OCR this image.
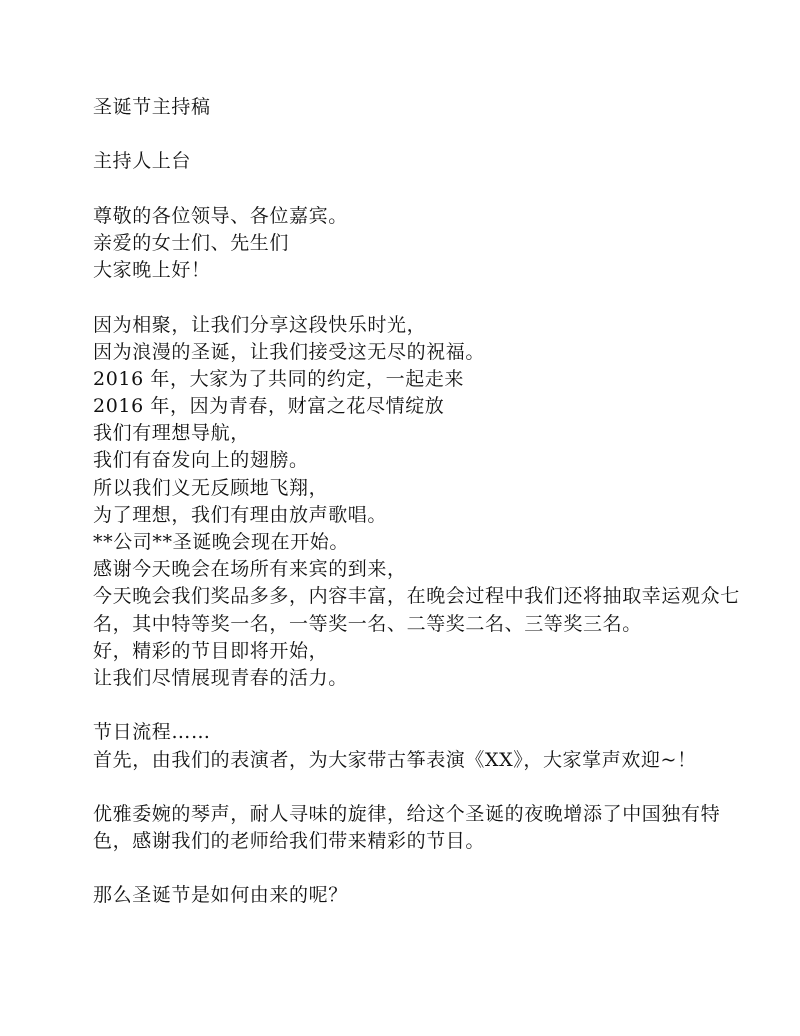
圣诞节主持稿
主持人上台
尊敬的各位领导、各位嘉宾。
亲爱的女士们、先生们
大家晚上好！
因为相聚，让我们分享这段快乐时光，
因为浪漫的圣诞，让我们接受这无尽的祝福。
2016 年，大家为了共同的约定，一起走来
2016 年，因为青春，财富之花尽情绽放
我们有理想导航，
我们有奋发向上的翅膀。
所以我们义无反顾地飞翔，
为了理想，我们有理由放声歌唱。
**公司**圣诞晚会现在开始。
感谢今天晚会在场所有来宾的到来，
今天晚会我们奖品多多，内容丰富，在晚会过程中我们还将抽取幸运观众七
名，其中特等奖一名，一等奖一名、二等奖二名、三等奖三名。
好，精彩的节目即将开始，
让我们尽情展现青春的活力。
节日流程……
首先，由我们的表演者，为大家带古筝表演《XX》，大家掌声欢迎~！
优雅委婉的琴声，耐人寻味的旋律，给这个圣诞的夜晚增添了中国独有特
色，感谢我们的老师给我们带来精彩的节目。
那么圣诞节是如何由来的呢？
